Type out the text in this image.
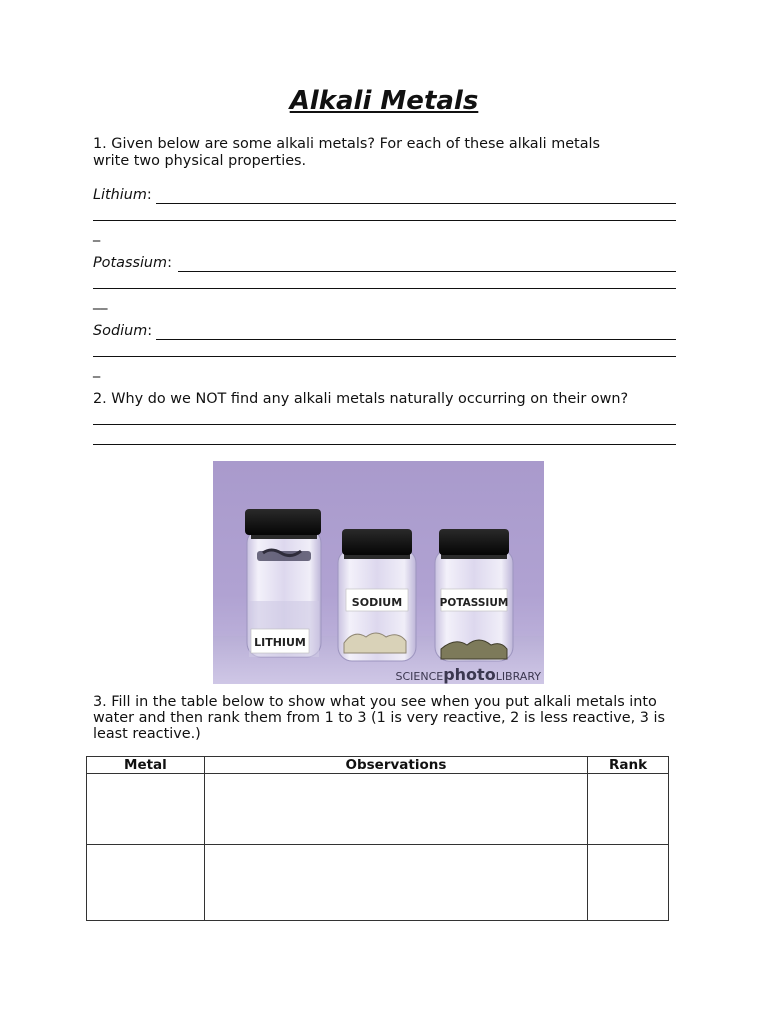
Alkali Metals
1. Given below are some alkali metals? For each of these alkali metals
write two physical properties.
Lithium:
_
Potassium:
__
Sodium:
_
2. Why do we NOT find any alkali metals naturally occurring on their own?
LITHIUM
SODIUM	POTASSIUM
SCIENCEphotoLIBRARY
3. Fill in the table below to show what you see when you put alkali metals into
water and then rank them from 1 to 3 (1 is very reactive, 2 is less reactive, 3 is
least reactive.)
Metal	Observations	Rank
